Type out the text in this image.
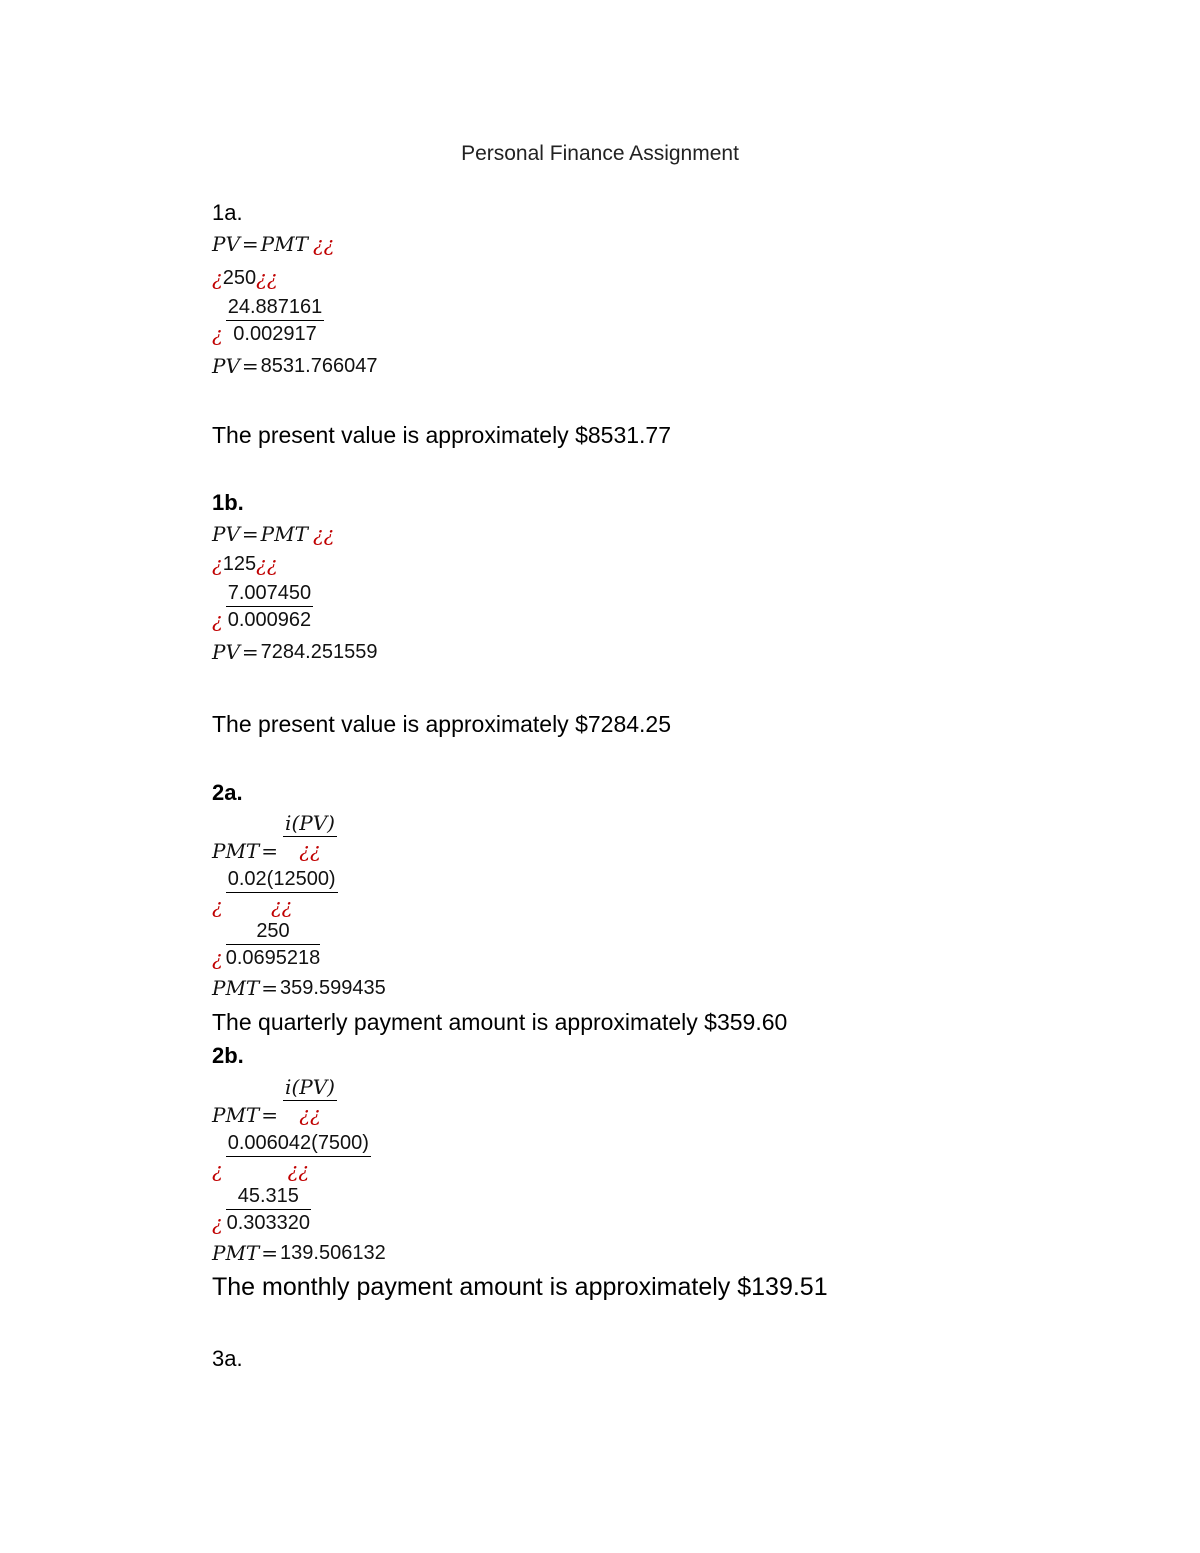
Personal Finance Assignment
1a.
PV = PMT ¿¿
¿ 250 ¿¿
¿ $\frac{24.887161}{0.002917}$
PV = 8531.766047
The present value is approximately $8531.77
1b.
PV = PMT ¿¿
¿ 125 ¿¿
¿ $\frac{7.007450}{0.000962}$
PV = 7284.251559
The present value is approximately $7284.25
2a.
PMT = $\frac{i(PV)}{¿¿}$
¿ $\frac{0.02(12500)}{¿¿}$
¿ $\frac{250}{0.0695218}$
PMT = 359.599435
The quarterly payment amount is approximately $359.60
2b.
PMT = $\frac{i(PV)}{¿¿}$
¿ $\frac{0.006042(7500)}{¿¿}$
¿ $\frac{45.315}{0.303320}$
PMT = 139.506132
The monthly payment amount is approximately $139.51
3a.
